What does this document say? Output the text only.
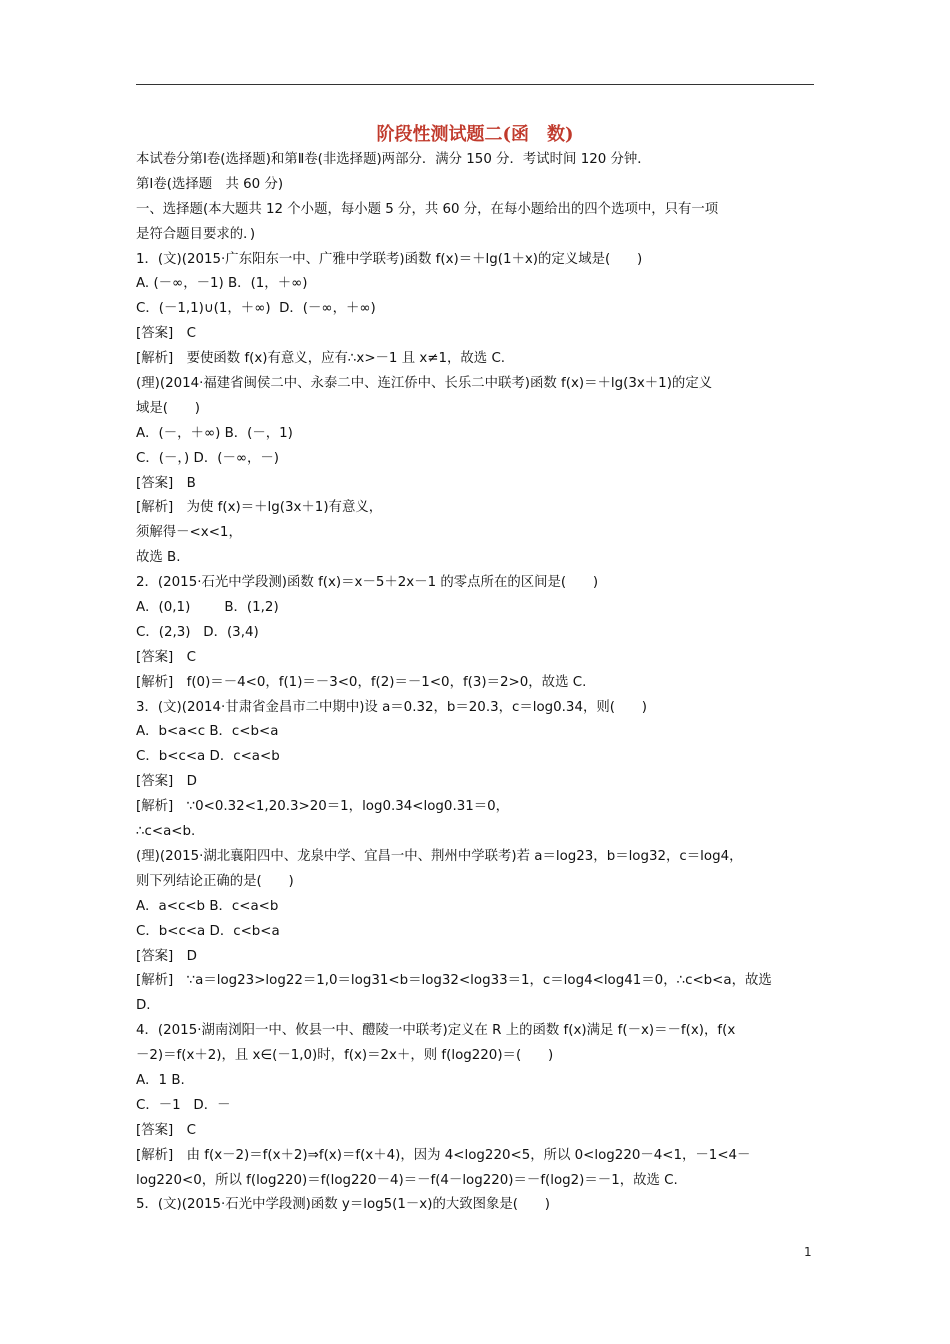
阶段性测试题二(函　数)
本试卷分第Ⅰ卷(选择题)和第Ⅱ卷(非选择题)两部分．满分 150 分．考试时间 120 分钟．
第Ⅰ卷(选择题　共 60 分)
一、选择题(本大题共 12 个小题，每小题 5 分，共 60 分，在每小题给出的四个选项中，只有一项
是符合题目要求的．)
1．(文)(2015·广东阳东一中、广雅中学联考)函数 f(x)＝＋lg(1＋x)的定义域是(　　)
A. (－∞，－1) B．(1，＋∞)
C．(－1,1)∪(1，＋∞)  D．(－∞，＋∞)
[答案]　C
[解析]　要使函数 f(x)有意义，应有∴x>－1 且 x≠1，故选 C.
(理)(2014·福建省闽侯二中、永泰二中、连江侨中、长乐二中联考)函数 f(x)＝＋lg(3x＋1)的定义
域是(　　)
A．(－，＋∞) B．(－，1)
C．(－，) D．(－∞，－)
[答案]　B
[解析]　为使 f(x)＝＋lg(3x＋1)有意义，
须解得－<x<1，
故选 B.
2．(2015·石光中学段测)函数 f(x)＝x－5＋2x－1 的零点所在的区间是(　　)
A．(0,1)        B．(1,2)
C．(2,3)   D．(3,4)
[答案]　C
[解析]　f(0)＝－4<0，f(1)＝－3<0，f(2)＝－1<0，f(3)＝2>0，故选 C.
3．(文)(2014·甘肃省金昌市二中期中)设 a＝0.32，b＝20.3，c＝log0.34，则(　　)
A．b<a<c B．c<b<a
C．b<c<a D．c<a<b
[答案]　D
[解析]　∵0<0.32<1,20.3>20＝1，log0.34<log0.31＝0，
∴c<a<b.
(理)(2015·湖北襄阳四中、龙泉中学、宜昌一中、荆州中学联考)若 a＝log23，b＝log32，c＝log4，
则下列结论正确的是(　　)
A．a<c<b B．c<a<b
C．b<c<a D．c<b<a
[答案]　D
[解析]　∵a＝log23>log22＝1,0＝log31<b＝log32<log33＝1，c＝log4<log41＝0，∴c<b<a，故选
D.
4．(2015·湖南浏阳一中、攸县一中、醴陵一中联考)定义在 R 上的函数 f(x)满足 f(－x)＝－f(x)，f(x
－2)＝f(x＋2)，且 x∈(－1,0)时，f(x)＝2x＋，则 f(log220)＝(　　)
A．1 B.
C．－1   D．－
[答案]　C
[解析]　由 f(x－2)＝f(x＋2)⇒f(x)＝f(x＋4)，因为 4<log220<5，所以 0<log220－4<1，－1<4－
log220<0，所以 f(log220)＝f(log220－4)＝－f(4－log220)＝－f(log2)＝－1，故选 C.
5．(文)(2015·石光中学段测)函数 y＝log5(1－x)的大致图象是(　　)
1
